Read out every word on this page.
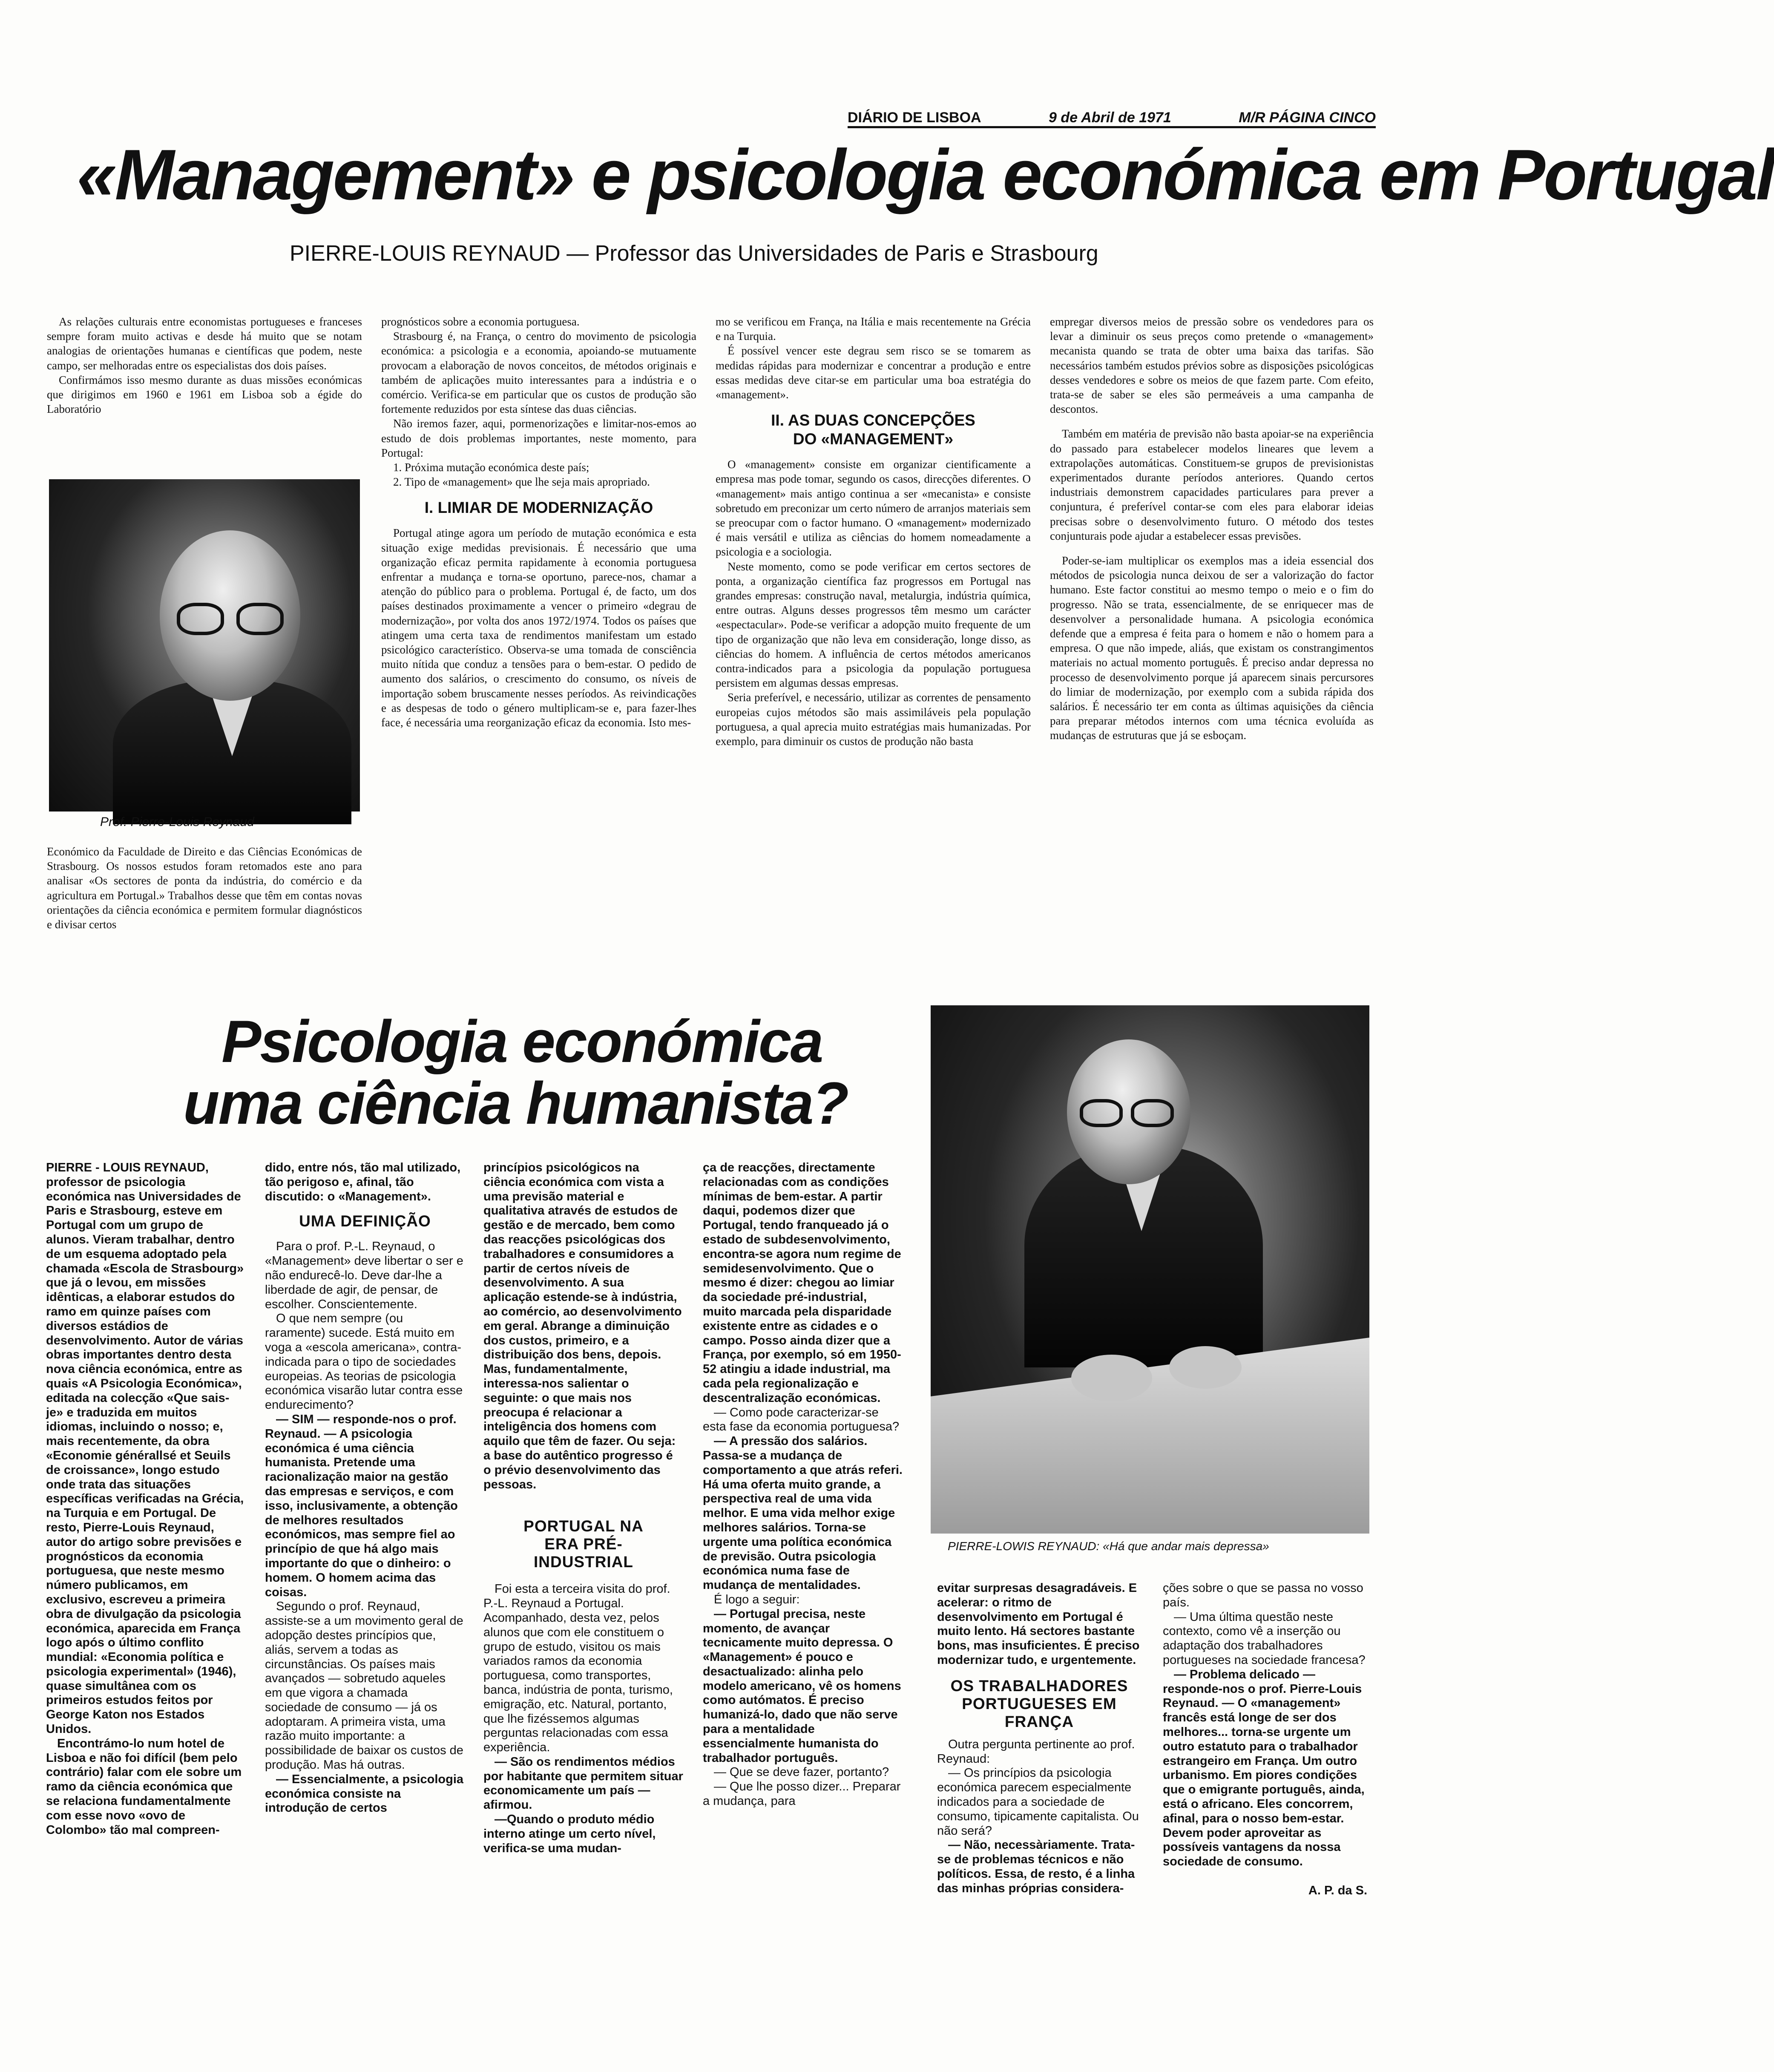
DIÁRIO DE LISBOA	9 de Abril de 1971	M/R PÁGINA CINCO
«Management» e psicologia económica em Portugal
PIERRE-LOUIS REYNAUD — Professor das Universidades de Paris e Strasbourg

As relações culturais entre economistas portugueses e franceses sempre foram muito activas e desde há muito que se notam analogias de orientações humanas e científicas que podem, neste campo, ser melhoradas entre os especialistas dos dois países.

Confirmámos isso mesmo durante as duas missões económicas que dirigimos em 1960 e 1961 em Lisboa sob a égide do Laboratório

Prof. Pierre-Louis Reynaud

Económico da Faculdade de Direito e das Ciências Económicas de Strasbourg. Os nossos estudos foram retomados este ano para analisar «Os sectores de ponta da indústria, do comércio e da agricultura em Portugal.» Trabalhos desse que têm em contas novas orientações da ciência económica e permitem formular diagnósticos e divisar certos

prognósticos sobre a economia portuguesa.

Strasbourg é, na França, o centro do movimento de psicologia económica: a psicologia e a economia, apoiando-se mutuamente provocam a elaboração de novos conceitos, de métodos originais e também de aplicações muito interessantes para a indústria e o comércio. Verifica-se em particular que os custos de produção são fortemente reduzidos por esta síntese das duas ciências.

Não iremos fazer, aqui, pormenorizações e limitar-nos-emos ao estudo de dois problemas importantes, neste momento, para Portugal:

1. Próxima mutação económica deste país;

2. Tipo de «management» que lhe seja mais apropriado.

I. LIMIAR DE MODERNIZAÇÃO

Portugal atinge agora um período de mutação económica e esta situação exige medidas previsionais. É necessário que uma organização eficaz permita rapidamente à economia portuguesa enfrentar a mudança e torna-se oportuno, parece-nos, chamar a atenção do público para o problema. Portugal é, de facto, um dos países destinados proximamente a vencer o primeiro «degrau de modernização», por volta dos anos 1972/1974. Todos os países que atingem uma certa taxa de rendimentos manifestam um estado psicológico característico. Observa-se uma tomada de consciência muito nítida que conduz a tensões para o bem-estar. O pedido de aumento dos salários, o crescimento do consumo, os níveis de importação sobem bruscamente nesses períodos. As reivindicações e as despesas de todo o género multiplicam-se e, para fazer-lhes face, é necessária uma reorganização eficaz da economia. Isto mes-

mo se verificou em França, na Itália e mais recentemente na Grécia e na Turquia.

É possível vencer este degrau sem risco se se tomarem as medidas rápidas para modernizar e concentrar a produção e entre essas medidas deve citar-se em particular uma boa estratégia do «management».

II. AS DUAS CONCEPÇÕES DO «MANAGEMENT»

O «management» consiste em organizar cientificamente a empresa mas pode tomar, segundo os casos, direcções diferentes. O «management» mais antigo continua a ser «mecanista» e consiste sobretudo em preconizar um certo número de arranjos materiais sem se preocupar com o factor humano. O «management» modernizado é mais versátil e utiliza as ciências do homem nomeadamente a psicologia e a sociologia.

Neste momento, como se pode verificar em certos sectores de ponta, a organização científica faz progressos em Portugal nas grandes empresas: construção naval, metalurgia, indústria química, entre outras. Alguns desses progressos têm mesmo um carácter «espectacular». Pode-se verificar a adopção muito frequente de um tipo de organização que não leva em consideração, longe disso, as ciências do homem. A influência de certos métodos americanos contra-indicados para a psicologia da população portuguesa persistem em algumas dessas empresas.

Seria preferível, e necessário, utilizar as correntes de pensamento europeias cujos métodos são mais assimiláveis pela população portuguesa, a qual aprecia muito estratégias mais humanizadas. Por exemplo, para diminuir os custos de produção não basta

empregar diversos meios de pressão sobre os vendedores para os levar a diminuir os seus preços como pretende o «management» mecanista quando se trata de obter uma baixa das tarifas. São necessários também estudos prévios sobre as disposições psicológicas desses vendedores e sobre os meios de que fazem parte. Com efeito, trata-se de saber se eles são permeáveis a uma campanha de descontos.

Também em matéria de previsão não basta apoiar-se na experiência do passado para estabelecer modelos lineares que levem a extrapolações automáticas. Constituem-se grupos de previsionistas experimentados durante períodos anteriores. Quando certos industriais demonstrem capacidades particulares para prever a conjuntura, é preferível contar-se com eles para elaborar ideias precisas sobre o desenvolvimento futuro. O método dos testes conjunturais pode ajudar a estabelecer essas previsões.

Poder-se-iam multiplicar os exemplos mas a ideia essencial dos métodos de psicologia nunca deixou de ser a valorização do factor humano. Este factor constitui ao mesmo tempo o meio e o fim do progresso. Não se trata, essencialmente, de se enriquecer mas de desenvolver a personalidade humana. A psicologia económica defende que a empresa é feita para o homem e não o homem para a empresa. O que não impede, aliás, que existam os constrangimentos materiais no actual momento português. É preciso andar depressa no processo de desenvolvimento porque já aparecem sinais percursores do limiar de modernização, por exemplo com a subida rápida dos salários. É necessário ter em conta as últimas aquisições da ciência para preparar métodos internos com uma técnica evoluída as mudanças de estruturas que já se esboçam.

Psicologia económica
uma ciência humanista?
PIERRE-LOWIS REYNAUD: «Há que andar mais depressa»

PIERRE - LOUIS REYNAUD, professor de psicologia económica nas Universidades de Paris e Strasbourg, esteve em Portugal com um grupo de alunos. Vieram trabalhar, dentro de um esquema adoptado pela chamada «Escola de Strasbourg» que já o levou, em missões idênticas, a elaborar estudos do ramo em quinze países com diversos estádios de desenvolvimento. Autor de várias obras importantes dentro desta nova ciência económica, entre as quais «A Psicologia Económica», editada na colecção «Que sais-je» e traduzida em muitos idiomas, incluindo o nosso; e, mais recentemente, da obra «Economie générallsé et Seuils de croissance», longo estudo onde trata das situações específicas verificadas na Grécia, na Turquia e em Portugal. De resto, Pierre-Louis Reynaud, autor do artigo sobre previsões e prognósticos da economia portuguesa, que neste mesmo número publicamos, em exclusivo, escreveu a primeira obra de divulgação da psicologia económica, aparecida em França logo após o último conflito mundial: «Economia política e psicologia experimental» (1946), quase simultânea com os primeiros estudos feitos por George Katon nos Estados Unidos.

Encontrámo-lo num hotel de Lisboa e não foi difícil (bem pelo contrário) falar com ele sobre um ramo da ciência económica que se relaciona fundamentalmente com esse novo «ovo de Colombo» tão mal compreen-

dido, entre nós, tão mal utilizado, tão perigoso e, afinal, tão discutido: o «Management».

UMA DEFINIÇÃO

Para o prof. P.-L. Reynaud, o «Management» deve libertar o ser e não endurecê-lo. Deve dar-lhe a liberdade de agir, de pensar, de escolher. Conscientemente.

O que nem sempre (ou raramente) sucede. Está muito em voga a «escola americana», contra-indicada para o tipo de sociedades europeias. As teorias de psicologia económica visarão lutar contra esse endurecimento?

— SIM — responde-nos o prof. Reynaud. — A psicologia económica é uma ciência humanista. Pretende uma racionalização maior na gestão das empresas e serviços, e com isso, inclusivamente, a obtenção de melhores resultados económicos, mas sempre fiel ao princípio de que há algo mais importante do que o dinheiro: o homem. O homem acima das coisas.

Segundo o prof. Reynaud, assiste-se a um movimento geral de adopção destes princípios que, aliás, servem a todas as circunstâncias. Os países mais avançados — sobretudo aqueles em que vigora a chamada sociedade de consumo — já os adoptaram. A primeira vista, uma razão muito importante: a possibilidade de baixar os custos de produção. Mas há outras.

— Essencialmente, a psicologia económica consiste na introdução de certos

princípios psicológicos na ciência económica com vista a uma previsão material e qualitativa através de estudos de gestão e de mercado, bem como das reacções psicológicas dos trabalhadores e consumidores a partir de certos níveis de desenvolvimento. A sua aplicação estende-se à indústria, ao comércio, ao desenvolvimento em geral. Abrange a diminuição dos custos, primeiro, e a distribuição dos bens, depois. Mas, fundamentalmente, interessa-nos salientar o seguinte: o que mais nos preocupa é relacionar a inteligência dos homens com aquilo que têm de fazer. Ou seja: a base do autêntico progresso é o prévio desenvolvimento das pessoas.

PORTUGAL NA ERA PRÉ-INDUSTRIAL

Foi esta a terceira visita do prof. P.-L. Reynaud a Portugal. Acompanhado, desta vez, pelos alunos que com ele constituem o grupo de estudo, visitou os mais variados ramos da economia portuguesa, como transportes, banca, indústria de ponta, turismo, emigração, etc. Natural, portanto, que lhe fizéssemos algumas perguntas relacionadas com essa experiência.

— São os rendimentos médios por habitante que permitem situar economicamente um país — afirmou.

—Quando o produto médio interno atinge um certo nível, verifica-se uma mudan-

ça de reacções, directamente relacionadas com as condições mínimas de bem-estar. A partir daqui, podemos dizer que Portugal, tendo franqueado já o estado de subdesenvolvimento, encontra-se agora num regime de semidesenvolvimento. Que o mesmo é dizer: chegou ao limiar da sociedade pré-industrial, muito marcada pela disparidade existente entre as cidades e o campo. Posso ainda dizer que a França, por exemplo, só em 1950-52 atingiu a idade industrial, ma cada pela regionalização e descentralização económicas.

— Como pode caracterizar-se esta fase da economia portuguesa?

— A pressão dos salários. Passa-se a mudança de comportamento a que atrás referi. Há uma oferta muito grande, a perspectiva real de uma vida melhor. E uma vida melhor exige melhores salários. Torna-se urgente uma política económica de previsão. Outra psicologia económica numa fase de mudança de mentalidades.

É logo a seguir:

— Portugal precisa, neste momento, de avançar tecnicamente muito depressa. O «Management» é pouco e desactualizado: alinha pelo modelo americano, vê os homens como autómatos. É preciso humanizá-lo, dado que não serve para a mentalidade essencialmente humanista do trabalhador português.

— Que se deve fazer, portanto?

— Que lhe posso dizer... Preparar a mudança, para

evitar surpresas desagradáveis. E acelerar: o ritmo de desenvolvimento em Portugal é muito lento. Há sectores bastante bons, mas insuficientes. É preciso modernizar tudo, e urgentemente.

OS TRABALHADORES PORTUGUESES EM FRANÇA

Outra pergunta pertinente ao prof. Reynaud:

— Os princípios da psicologia económica parecem especialmente indicados para a sociedade de consumo, tipicamente capitalista. Ou não será?

— Não, necessàriamente. Trata-se de problemas técnicos e não políticos. Essa, de resto, é a linha das minhas próprias considera-

ções sobre o que se passa no vosso país.

— Uma última questão neste contexto, como vê a inserção ou adaptação dos trabalhadores portugueses na sociedade francesa?

— Problema delicado — responde-nos o prof. Pierre-Louis Reynaud. — O «management» francês está longe de ser dos melhores... torna-se urgente um outro estatuto para o trabalhador estrangeiro em França. Um outro urbanismo. Em piores condições que o emigrante português, ainda, está o africano. Eles concorrem, afinal, para o nosso bem-estar. Devem poder aproveitar as possíveis vantagens da nossa sociedade de consumo.

A. P. da S.
